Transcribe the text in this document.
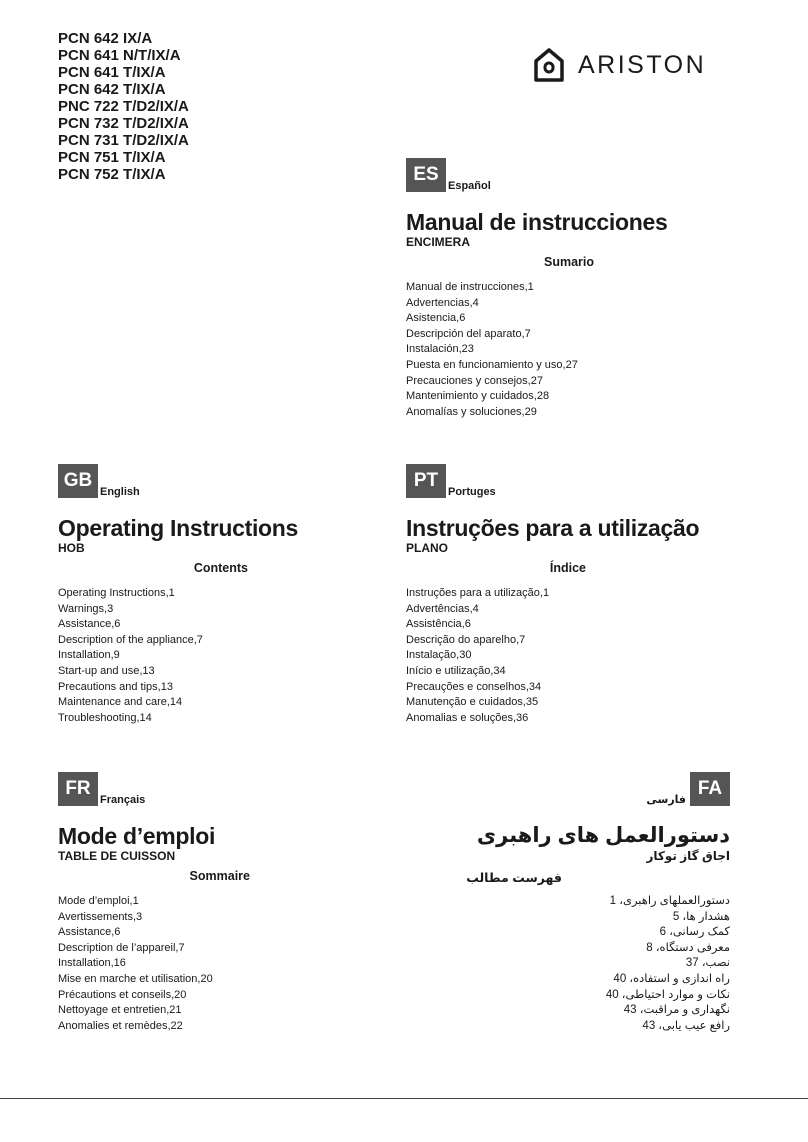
PCN 642 IX/A
PCN 641 N/T/IX/A
PCN 641 T/IX/A
PCN 642 T/IX/A
PNC 722 T/D2/IX/A
PCN 732 T/D2/IX/A
PCN 731 T/D2/IX/A
PCN 751 T/IX/A
PCN 752 T/IX/A
ARISTON
ES
Español
Manual de instrucciones
ENCIMERA
Sumario
Manual de instrucciones,1
Advertencias,4
Asistencia,6
Descripción del aparato,7
Instalación,23
Puesta en funcionamiento y uso,27
Precauciones y consejos,27
Mantenimiento y cuidados,28
Anomalías y soluciones,29
GB
English
Operating Instructions
HOB
Contents
Operating Instructions,1
Warnings,3
Assistance,6
Description of the appliance,7
Installation,9
Start-up and use,13
Precautions and tips,13
Maintenance and care,14
Troubleshooting,14
PT
Portuges
Instruções para a utilização
PLANO
Índice
Instruções para a utilização,1
Advertências,4
Assistência,6
Descrição do aparelho,7
Instalação,30
Início e utilização,34
Precauções e conselhos,34
Manutenção e cuidados,35
Anomalias e soluções,36
FR
Français
Mode d’emploi
TABLE DE CUISSON
Sommaire
Mode d’emploi,1
Avertissements,3
Assistance,6
Description de l’appareil,7
Installation,16
Mise en marche et utilisation,20
Précautions et conseils,20
Nettoyage et entretien,21
Anomalies et remèdes,22
FA
فارسی
دستورالعمل های راهبری
اجاق گاز توکار
فهرست مطالب
دستورالعملهای راهبری، 1
هشدار ها، 5
کمک رسانی، 6
معرفی دستگاه، 8
نصب، 37
راه اندازی و استفاده، 40
نکات و موارد احتیاطی، 40
نگهداری و مراقبت، 43
رافع عیب یابی، 43
